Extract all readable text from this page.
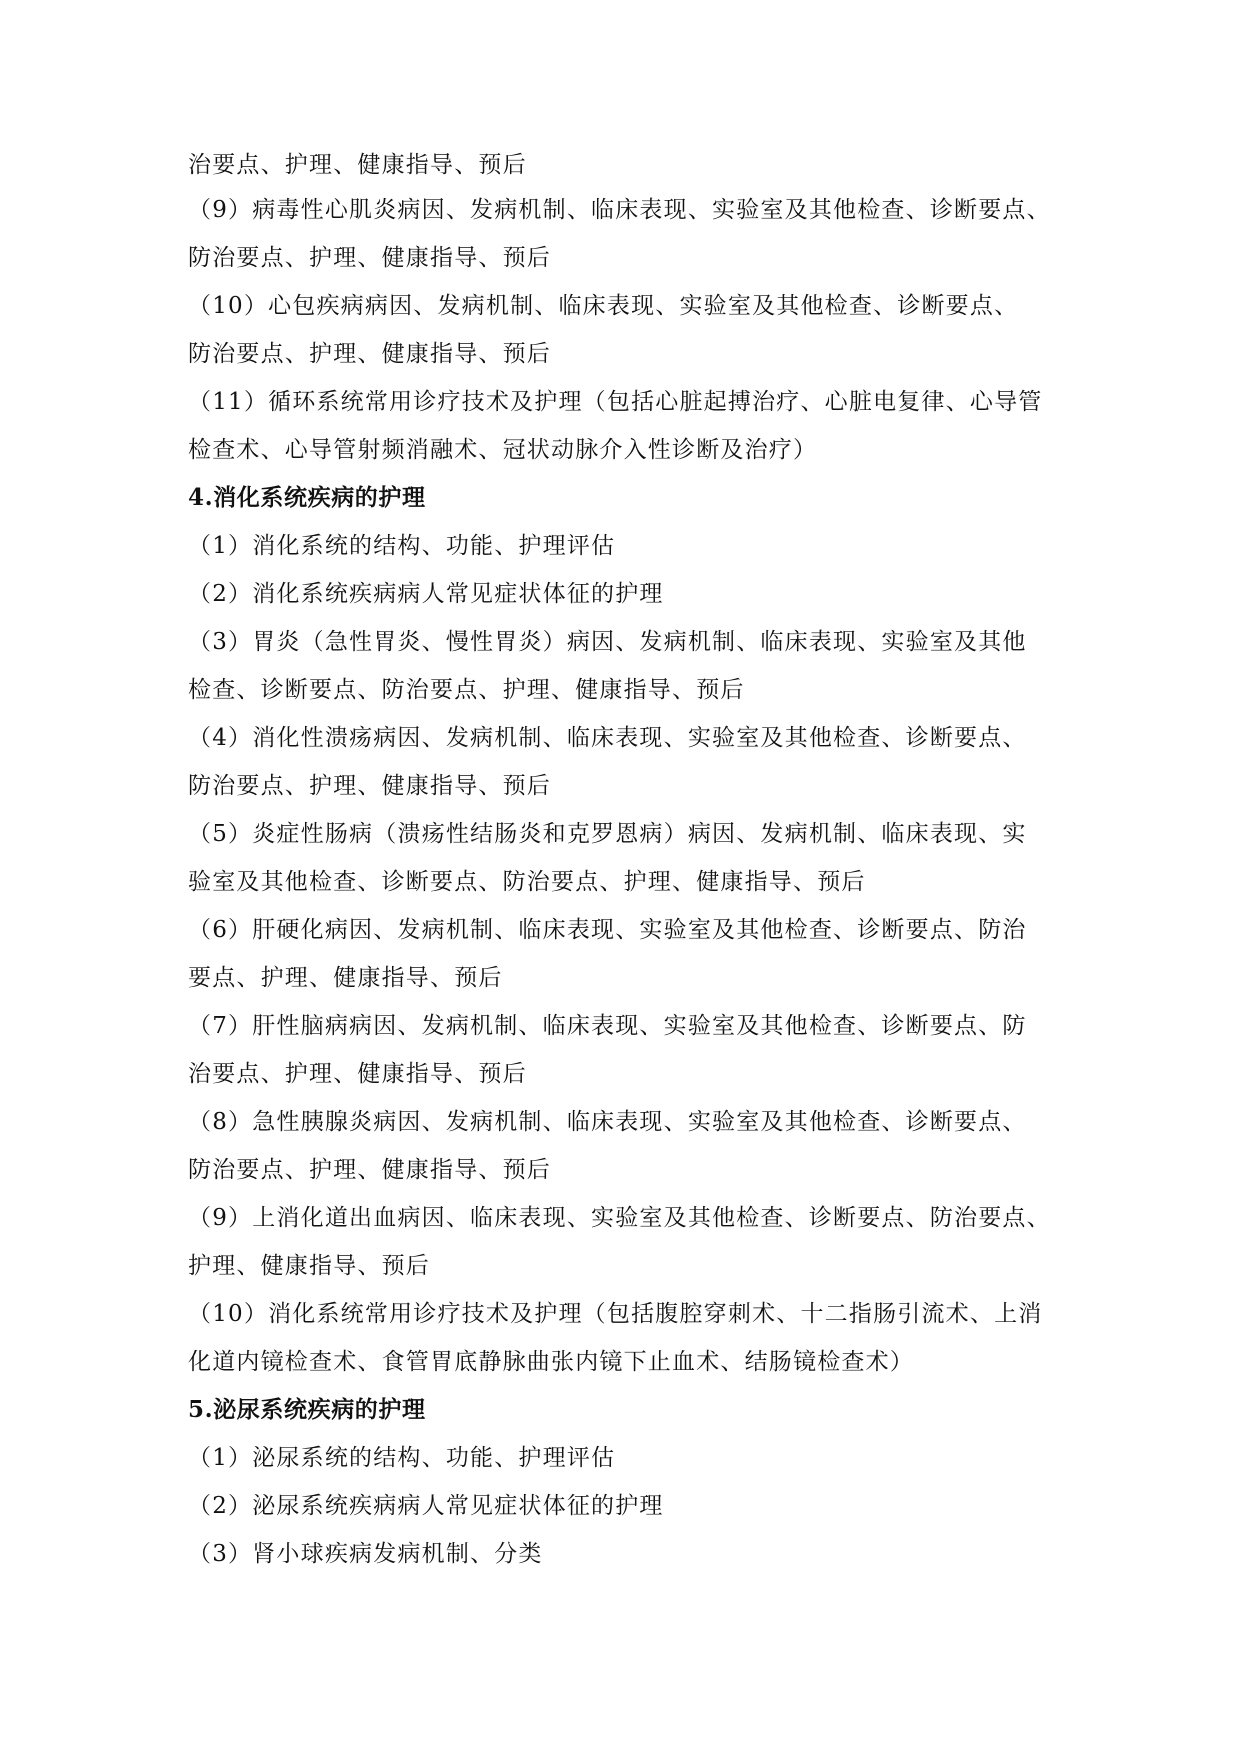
治要点、护理、健康指导、预后
（9）病毒性心肌炎病因、发病机制、临床表现、实验室及其他检查、诊断要点、
防治要点、护理、健康指导、预后
（10）心包疾病病因、发病机制、临床表现、实验室及其他检查、诊断要点、
防治要点、护理、健康指导、预后
（11）循环系统常用诊疗技术及护理（包括心脏起搏治疗、心脏电复律、心导管
检查术、心导管射频消融术、冠状动脉介入性诊断及治疗）
4.消化系统疾病的护理
（1）消化系统的结构、功能、护理评估
（2）消化系统疾病病人常见症状体征的护理
（3）胃炎（急性胃炎、慢性胃炎）病因、发病机制、临床表现、实验室及其他
检查、诊断要点、防治要点、护理、健康指导、预后
（4）消化性溃疡病因、发病机制、临床表现、实验室及其他检查、诊断要点、
防治要点、护理、健康指导、预后
（5）炎症性肠病（溃疡性结肠炎和克罗恩病）病因、发病机制、临床表现、实
验室及其他检查、诊断要点、防治要点、护理、健康指导、预后
（6）肝硬化病因、发病机制、临床表现、实验室及其他检查、诊断要点、防治
要点、护理、健康指导、预后
（7）肝性脑病病因、发病机制、临床表现、实验室及其他检查、诊断要点、防
治要点、护理、健康指导、预后
（8）急性胰腺炎病因、发病机制、临床表现、实验室及其他检查、诊断要点、
防治要点、护理、健康指导、预后
（9）上消化道出血病因、临床表现、实验室及其他检查、诊断要点、防治要点、
护理、健康指导、预后
（10）消化系统常用诊疗技术及护理（包括腹腔穿刺术、十二指肠引流术、上消
化道内镜检查术、食管胃底静脉曲张内镜下止血术、结肠镜检查术）
5.泌尿系统疾病的护理
（1）泌尿系统的结构、功能、护理评估
（2）泌尿系统疾病病人常见症状体征的护理
（3）肾小球疾病发病机制、分类
